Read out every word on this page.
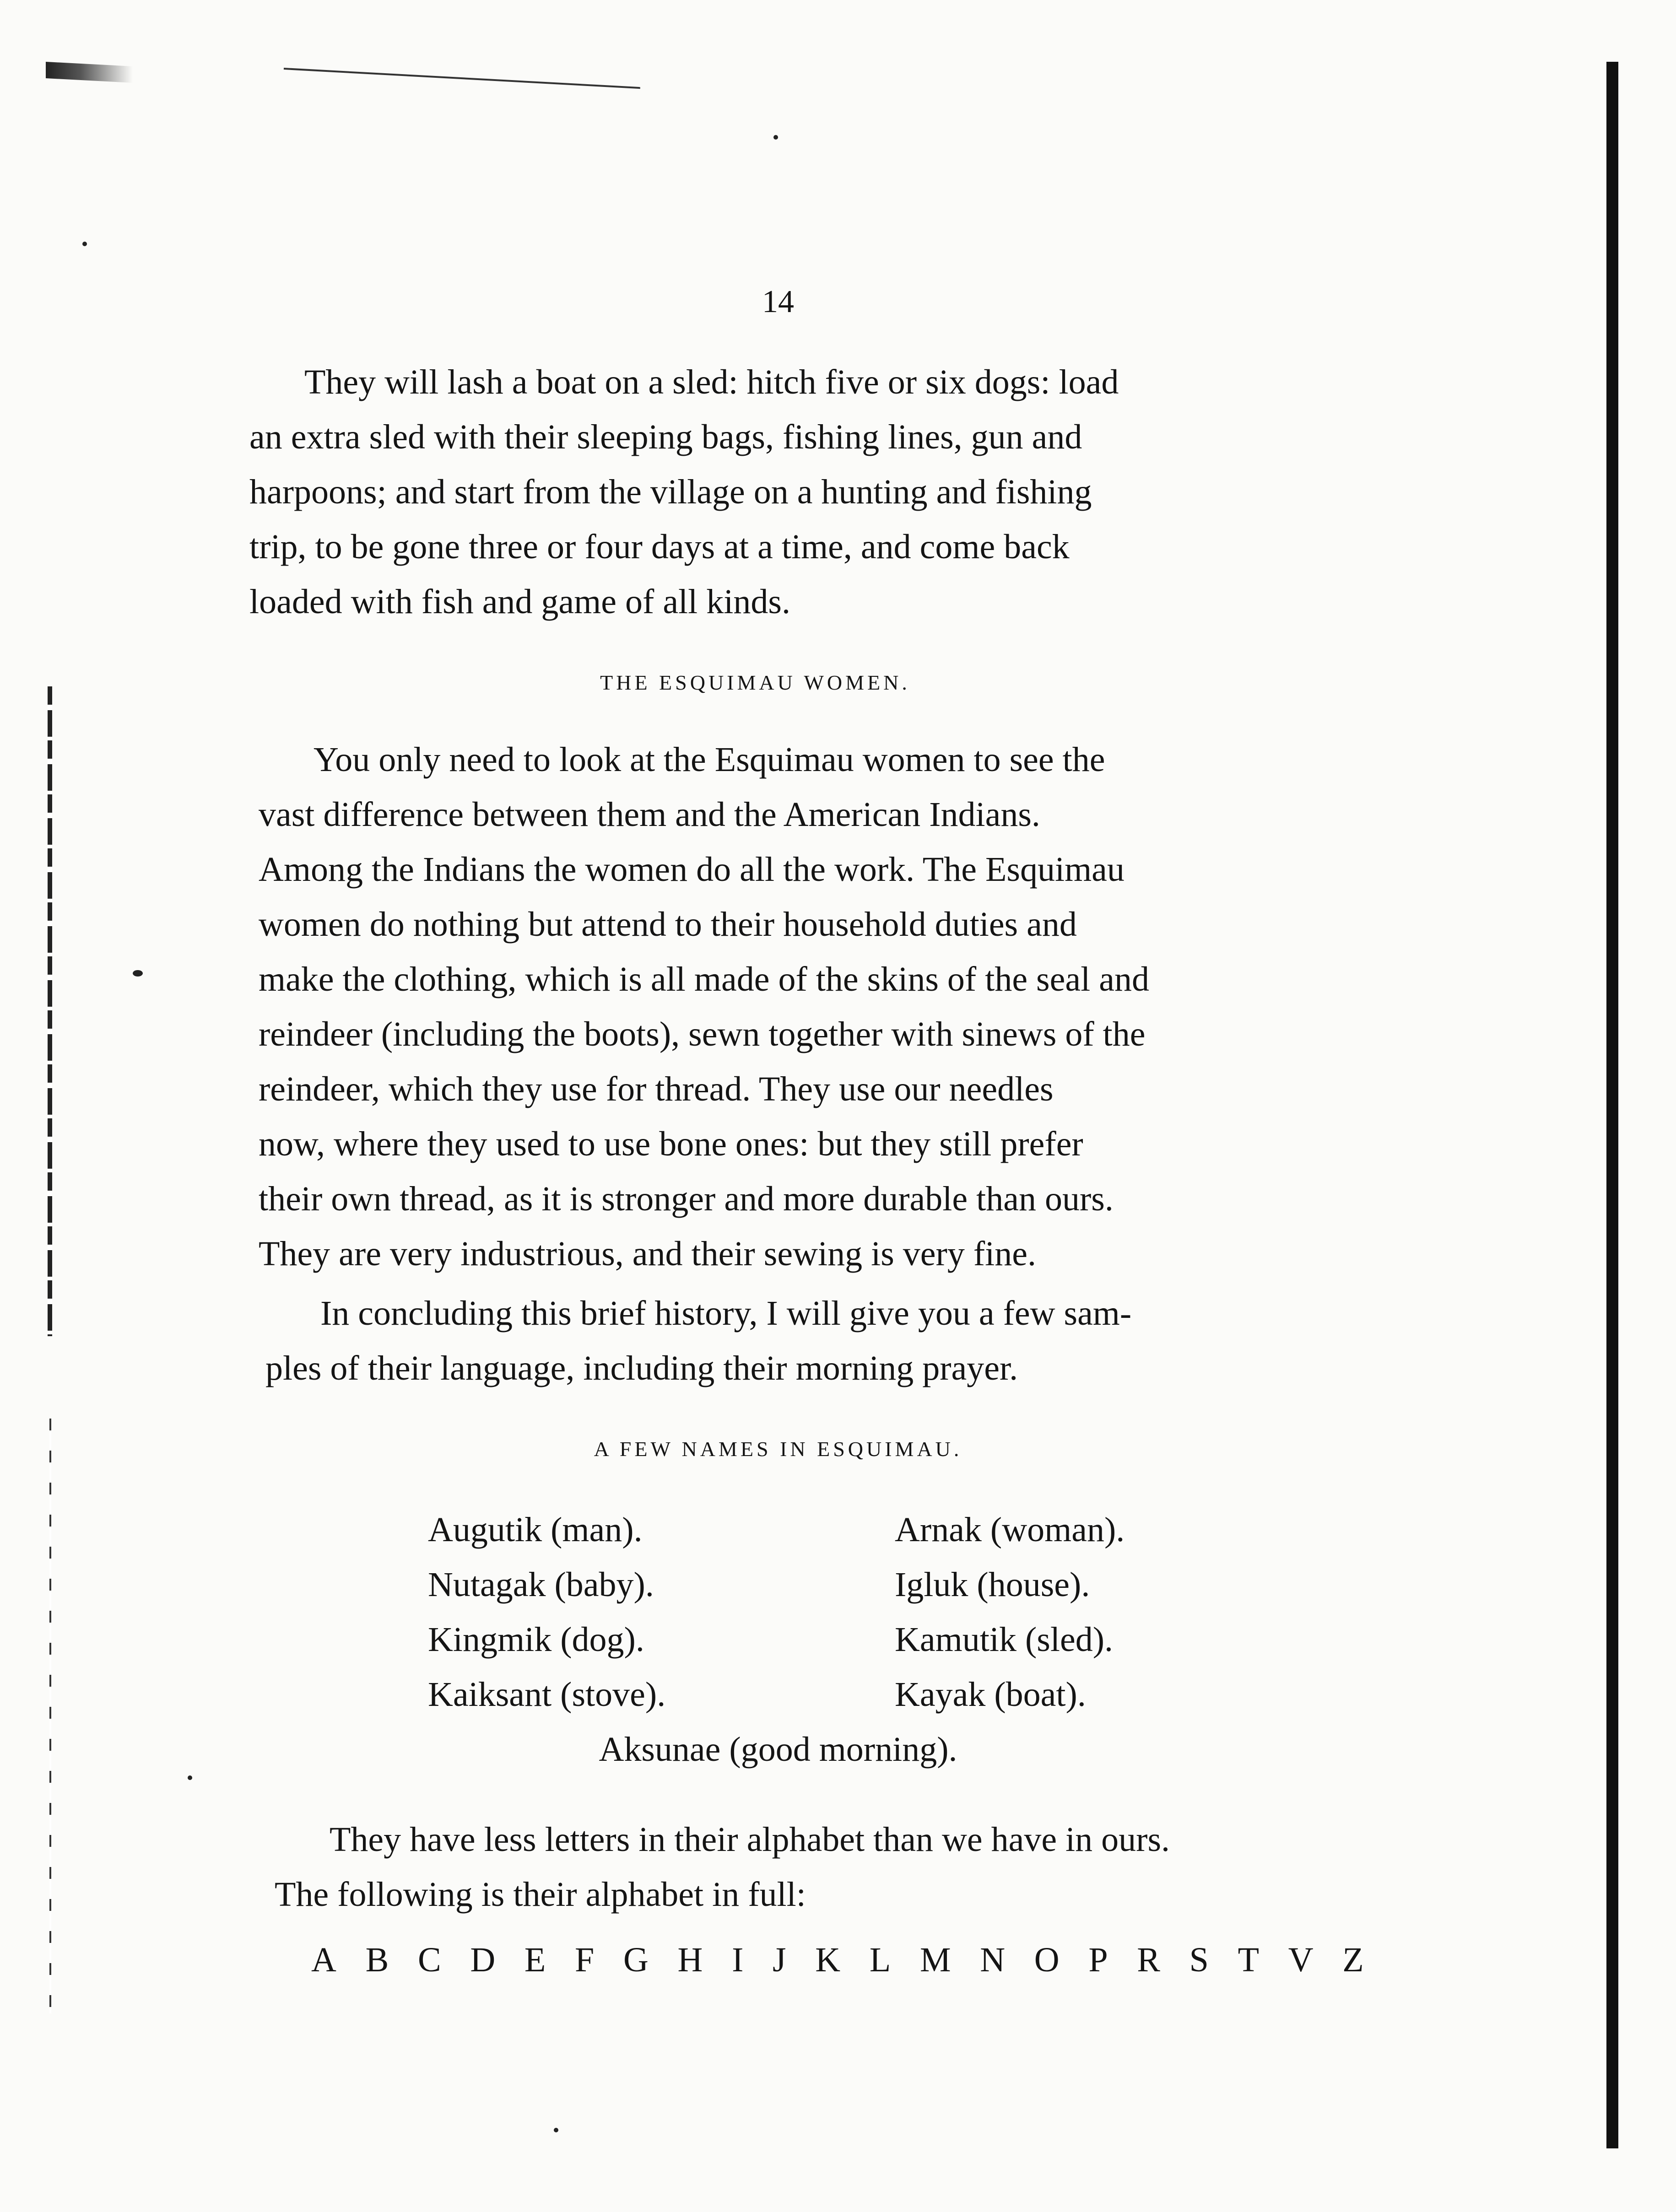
14
They will lash a boat on a sled: hitch five or six dogs: load
an extra sled with their sleeping bags, fishing lines, gun and
harpoons; and start from the village on a hunting and fishing
trip, to be gone three or four days at a time, and come back
loaded with fish and game of all kinds.
THE ESQUIMAU WOMEN.
You only need to look at the Esquimau women to see the
vast difference between them and the American Indians.
Among the Indians the women do all the work. The Esquimau
women do nothing but attend to their household duties and
make the clothing, which is all made of the skins of the seal and
reindeer (including the boots), sewn together with sinews of the
reindeer, which they use for thread. They use our needles
now, where they used to use bone ones: but they still prefer
their own thread, as it is stronger and more durable than ours.
They are very industrious, and their sewing is very fine.
In concluding this brief history, I will give you a few sam-
ples of their language, including their morning prayer.
A FEW NAMES IN ESQUIMAU.
Augutik (man).	Arnak (woman).
Nutagak (baby).	Igluk (house).
Kingmik (dog).	Kamutik (sled).
Kaiksant (stove).	Kayak (boat).
Aksunae (good morning).
They have less letters in their alphabet than we have in ours.
The following is their alphabet in full:
A B C D E F G H I J K L M N O P R S T V Z
